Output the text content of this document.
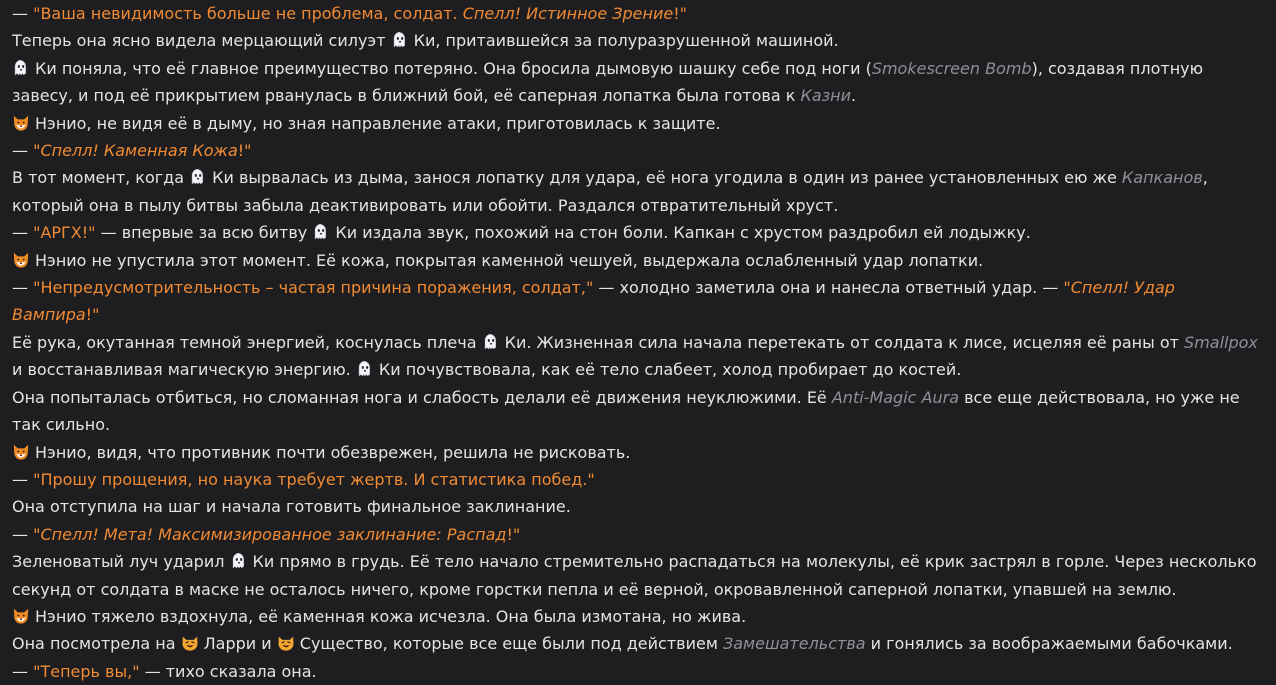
— "Ваша невидимость больше не проблема, солдат. Спелл! Истинное Зрение!"

Теперь она ясно видела мерцающий силуэт Ки, притаившейся за полуразрушенной машиной.

Ки поняла, что её главное преимущество потеряно. Она бросила дымовую шашку себе под ноги (Smokescreen Bomb), создавая плотную завесу, и под её прикрытием рванулась в ближний бой, её саперная лопатка была готова к Казни.

Нэнио, не видя её в дыму, но зная направление атаки, приготовилась к защите.

— "Спелл! Каменная Кожа!"

В тот момент, когда Ки вырвалась из дыма, занося лопатку для удара, её нога угодила в один из ранее установленных ею же Капканов, который она в пылу битвы забыла деактивировать или обойти. Раздался отвратительный хруст.

— "АРГХ!" — впервые за всю битву Ки издала звук, похожий на стон боли. Капкан с хрустом раздробил ей лодыжку.

Нэнио не упустила этот момент. Её кожа, покрытая каменной чешуей, выдержала ослабленный удар лопатки.

— "Непредусмотрительность – частая причина поражения, солдат," — холодно заметила она и нанесла ответный удар. — "Спелл! Удар Вампира!"

Её рука, окутанная темной энергией, коснулась плеча Ки. Жизненная сила начала перетекать от солдата к лисе, исцеляя её раны от Smallpox и восстанавливая магическую энергию. Ки почувствовала, как её тело слабеет, холод пробирает до костей.

Она попыталась отбиться, но сломанная нога и слабость делали её движения неуклюжими. Её Anti-Magic Aura все еще действовала, но уже не так сильно.

Нэнио, видя, что противник почти обезврежен, решила не рисковать.

— "Прошу прощения, но наука требует жертв. И статистика побед."

Она отступила на шаг и начала готовить финальное заклинание.

— "Спелл! Мета! Максимизированное заклинание: Распад!"

Зеленоватый луч ударил Ки прямо в грудь. Её тело начало стремительно распадаться на молекулы, её крик застрял в горле. Через несколько секунд от солдата в маске не осталось ничего, кроме горстки пепла и её верной, окровавленной саперной лопатки, упавшей на землю.

Нэнио тяжело вздохнула, её каменная кожа исчезла. Она была измотана, но жива.

Она посмотрела на Ларри и Существо, которые все еще были под действием Замешательства и гонялись за воображаемыми бабочками.

— "Теперь вы," — тихо сказала она.
